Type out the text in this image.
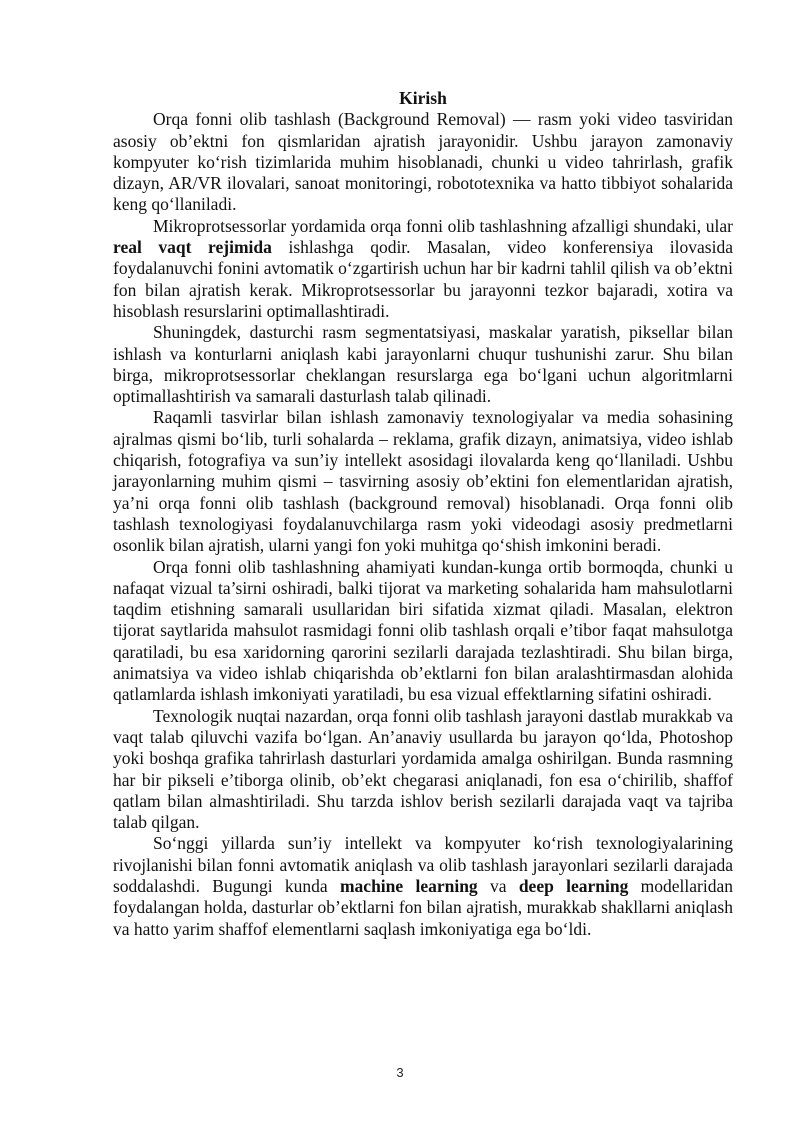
Kirish

Orqa fonni olib tashlash (Background Removal) — rasm yoki video tasviridan asosiy ob’ektni fon qismlaridan ajratish jarayonidir. Ushbu jarayon zamonaviy kompyuter ko‘rish tizimlarida muhim hisoblanadi, chunki u video tahrirlash, grafik dizayn, AR/VR ilovalari, sanoat monitoringi, robototexnika va hatto tibbiyot sohalarida keng qo‘llaniladi.

Mikroprotsessorlar yordamida orqa fonni olib tashlashning afzalligi shundaki, ular real vaqt rejimida ishlashga qodir. Masalan, video konferensiya ilovasida foydalanuvchi fonini avtomatik o‘zgartirish uchun har bir kadrni tahlil qilish va ob’ektni fon bilan ajratish kerak. Mikroprotsessorlar bu jarayonni tezkor bajaradi, xotira va hisoblash resurslarini optimallashtiradi.

Shuningdek, dasturchi rasm segmentatsiyasi, maskalar yaratish, piksellar bilan ishlash va konturlarni aniqlash kabi jarayonlarni chuqur tushunishi zarur. Shu bilan birga, mikroprotsessorlar cheklangan resurslarga ega bo‘lgani uchun algoritmlarni optimallashtirish va samarali dasturlash talab qilinadi.

Raqamli tasvirlar bilan ishlash zamonaviy texnologiyalar va media sohasining ajralmas qismi bo‘lib, turli sohalarda – reklama, grafik dizayn, animatsiya, video ishlab chiqarish, fotografiya va sun’iy intellekt asosidagi ilovalarda keng qo‘llaniladi. Ushbu jarayonlarning muhim qismi – tasvirning asosiy ob’ektini fon elementlaridan ajratish, ya’ni orqa fonni olib tashlash (background removal) hisoblanadi. Orqa fonni olib tashlash texnologiyasi foydalanuvchilarga rasm yoki videodagi asosiy predmetlarni osonlik bilan ajratish, ularni yangi fon yoki muhitga qo‘shish imkonini beradi.

Orqa fonni olib tashlashning ahamiyati kundan-kunga ortib bormoqda, chunki u nafaqat vizual ta’sirni oshiradi, balki tijorat va marketing sohalarida ham mahsulotlarni taqdim etishning samarali usullaridan biri sifatida xizmat qiladi. Masalan, elektron tijorat saytlarida mahsulot rasmidagi fonni olib tashlash orqali e’tibor faqat mahsulotga qaratiladi, bu esa xaridorning qarorini sezilarli darajada tezlashtiradi. Shu bilan birga, animatsiya va video ishlab chiqarishda ob’ektlarni fon bilan aralashtirmasdan alohida qatlamlarda ishlash imkoniyati yaratiladi, bu esa vizual effektlarning sifatini oshiradi.

Texnologik nuqtai nazardan, orqa fonni olib tashlash jarayoni dastlab murakkab va vaqt talab qiluvchi vazifa bo‘lgan. An’anaviy usullarda bu jarayon qo‘lda, Photoshop yoki boshqa grafika tahrirlash dasturlari yordamida amalga oshirilgan. Bunda rasmning har bir pikseli e’tiborga olinib, ob’ekt chegarasi aniqlanadi, fon esa o‘chirilib, shaffof qatlam bilan almashtiriladi. Shu tarzda ishlov berish sezilarli darajada vaqt va tajriba talab qilgan.

So‘nggi yillarda sun’iy intellekt va kompyuter ko‘rish texnologiyalarining rivojlanishi bilan fonni avtomatik aniqlash va olib tashlash jarayonlari sezilarli darajada soddalashdi. Bugungi kunda machine learning va deep learning modellaridan foydalangan holda, dasturlar ob’ektlarni fon bilan ajratish, murakkab shakllarni aniqlash va hatto yarim shaffof elementlarni saqlash imkoniyatiga ega bo‘ldi.

3
